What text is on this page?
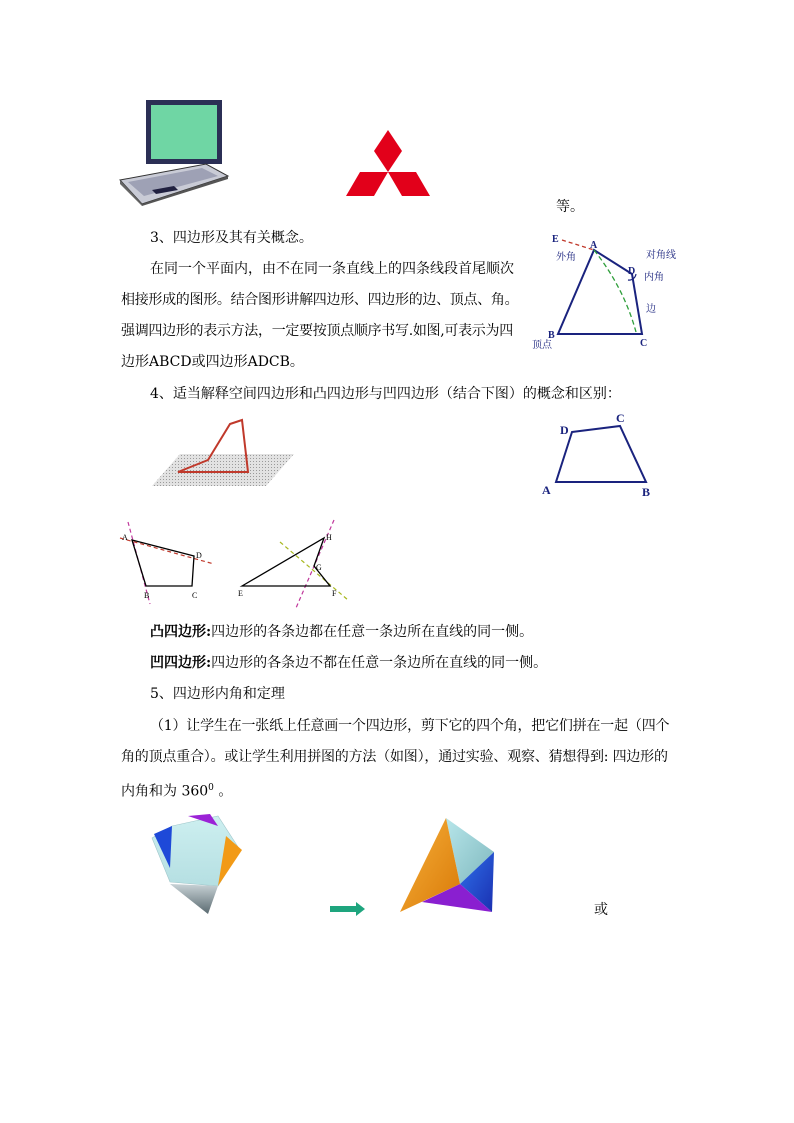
等。
3、四边形及其有关概念。
在同一个平面内，由不在同一条直线上的四条线段首尾顺次
相接形成的图形。结合图形讲解四边形、四边形的边、顶点、角。
强调四边形的表示方法，一定要按顶点顺序书写.如图,可表示为四
边形ABCD或四边形ADCB。
E
A
D
B
C
外角	对角线
内角
边
顶点
4、适当解释空间四边形和凸四边形与凹四边形（结合下图）的概念和区别：
D
C
A	B
A
D
B	C	E
H
G
F
凸四边形:四边形的各条边都在任意一条边所在直线的同一侧。
凹四边形:四边形的各条边不都在任意一条边所在直线的同一侧。
5、四边形内角和定理
（1）让学生在一张纸上任意画一个四边形，剪下它的四个角，把它们拼在一起（四个
角的顶点重合）。或让学生利用拼图的方法（如图），通过实验、观察、猜想得到: 四边形的
内角和为 $360^0$ 。
或
